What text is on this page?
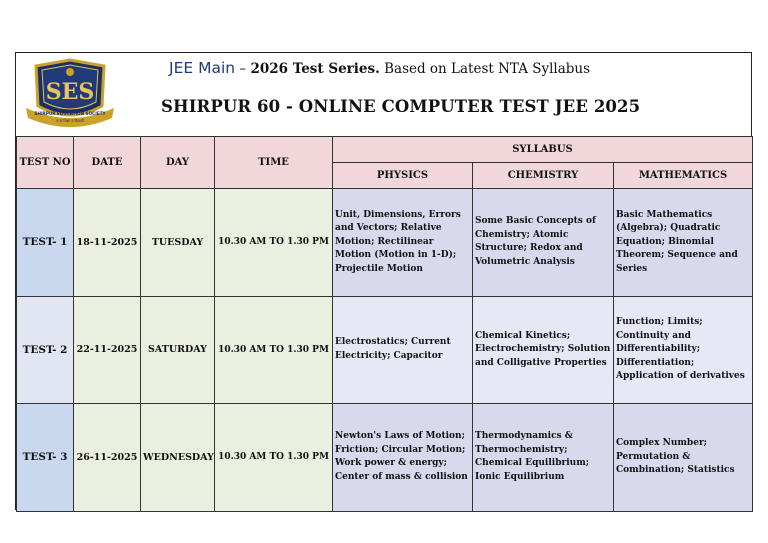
SES
SHIRPUR EDUCATION SOCIETY
स स शिक्षा व विद्यार्थी
JEE Main – 2026 Test Series. Based on Latest NTA Syllabus
SHIRPUR 60 - ONLINE COMPUTER TEST JEE 2025
TEST NO	DATE	DAY	TIME	SYLLABUS		
				PHYSICS	CHEMISTRY	MATHEMATICS
TEST- 1	18-11-2025	TUESDAY	10.30 AM TO 1.30 PM	Unit, Dimensions, Errors and Vectors; Relative Motion; Rectilinear Motion (Motion in 1-D); Projectile Motion	Some Basic Concepts of Chemistry; Atomic Structure; Redox and Volumetric Analysis	Basic Mathematics (Algebra); Quadratic Equation; Binomial Theorem; Sequence and Series
TEST- 2	22-11-2025	SATURDAY	10.30 AM TO 1.30 PM	Electrostatics; Current Electricity; Capacitor	Chemical Kinetics; Electrochemistry; Solution and Colligative Properties	Function; Limits; Continuity and Differentiability; Differentiation; Application of derivatives
TEST- 3	26-11-2025	WEDNESDAY	10.30 AM TO 1.30 PM	Newton's Laws of Motion; Friction; Circular Motion; Work power & energy; Center of mass & collision	Thermodynamics & Thermochemistry; Chemical Equilibrium; Ionic Equilibrium	Complex Number; Permutation & Combination; Statistics
